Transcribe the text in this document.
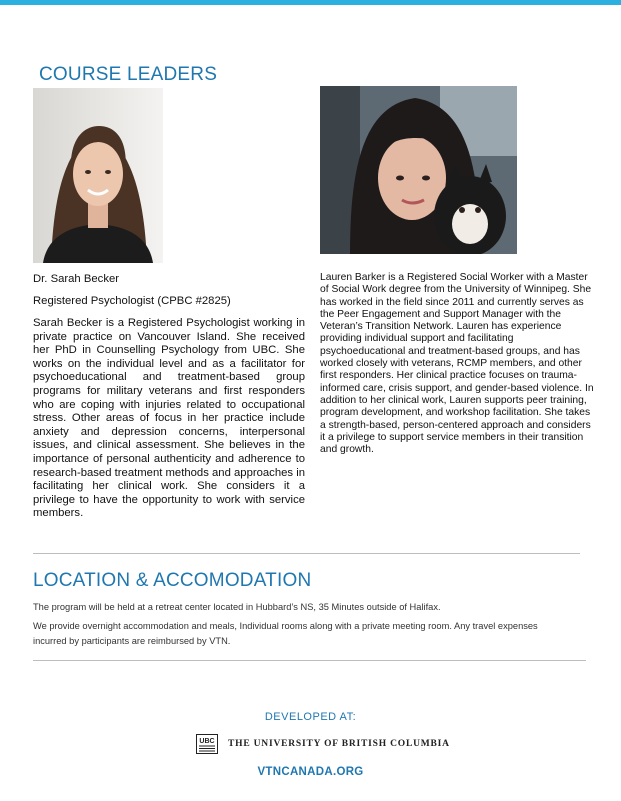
COURSE LEADERS
Dr. Sarah Becker
Registered Psychologist (CPBC #2825)

Sarah Becker is a Registered Psychologist working in private practice on Vancouver Island. She received her PhD in Counselling Psychology from UBC. She works on the individual level and as a facilitator for psychoeducational and treatment-based group programs for military veterans and first responders who are coping with injuries related to occupational stress. Other areas of focus in her practice include anxiety and depression concerns, interpersonal issues, and clinical assessment. She believes in the importance of personal authenticity and adherence to research-based treatment methods and approaches in facilitating her clinical work. She considers it a privilege to have the opportunity to work with service members.

Lauren Barker is a Registered Social Worker with a Master of Social Work degree from the University of Winnipeg. She has worked in the field since 2011 and currently serves as the Peer Engagement and Support Manager with the Veteran’s Transition Network. Lauren has experience providing individual support and facilitating psychoeducational and treatment-based groups, and has worked closely with veterans, RCMP members, and other first responders. Her clinical practice focuses on trauma-informed care, crisis support, and gender-based violence. In addition to her clinical work, Lauren supports peer training, program development, and workshop facilitation. She takes a strength-based, person-centered approach and considers it a privilege to support service members in their transition and growth.

LOCATION & ACCOMODATION

The program will be held at a retreat center located in Hubbard’s NS, 35 Minutes outside of Halifax.

We provide overnight accommodation and meals, Individual rooms along with a private meeting room. Any travel expenses incurred by participants are reimbursed by VTN.

DEVELOPED AT:
UBC THE UNIVERSITY OF BRITISH COLUMBIA
VTNCANADA.ORG
